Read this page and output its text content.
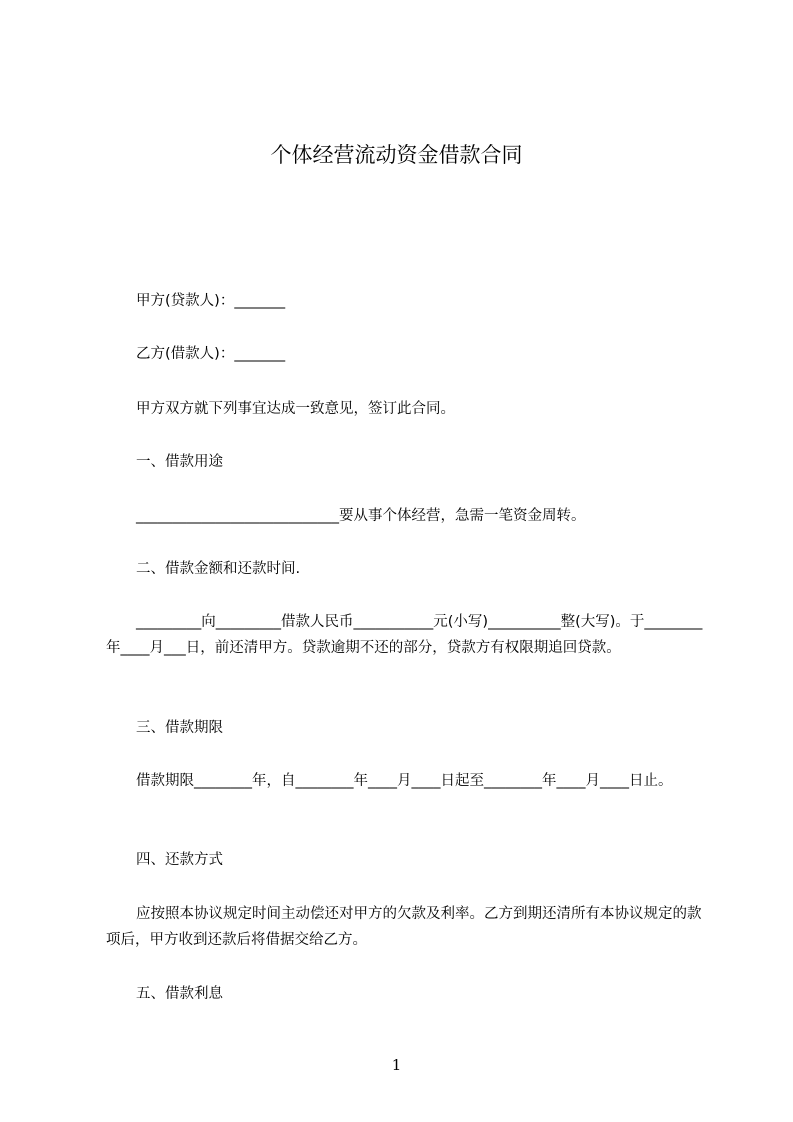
个体经营流动资金借款合同
甲方(贷款人)：_______
乙方(借款人)：_______
甲方双方就下列事宜达成一致意见，签订此合同。
一、借款用途
____________________________要从事个体经营，急需一笔资金周转。
二、借款金额和还款时间.
_________向_________借款人民币___________元(小写)__________整(大写)。于________年____月___日，前还清甲方。贷款逾期不还的部分，贷款方有权限期追回贷款。
三、借款期限
借款期限________年，自________年____月____日起至________年____月____日止。
四、还款方式
应按照本协议规定时间主动偿还对甲方的欠款及利率。乙方到期还清所有本协议规定的款项后，甲方收到还款后将借据交给乙方。
五、借款利息
1
